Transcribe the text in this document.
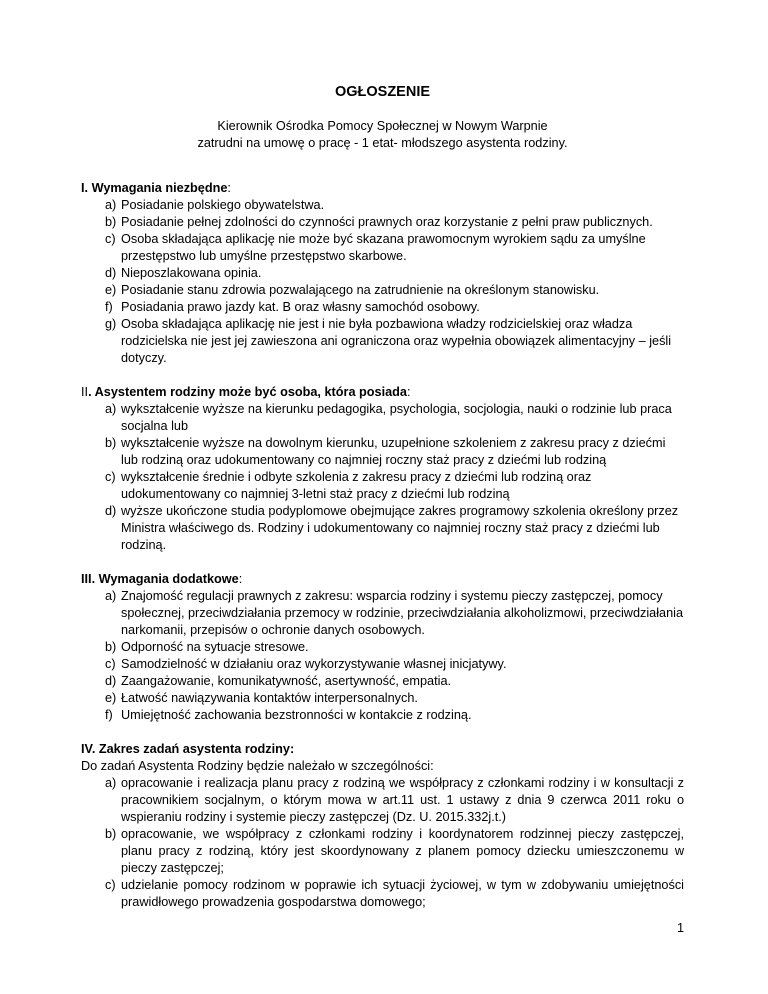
OGŁOSZENIE
Kierownik Ośrodka Pomocy Społecznej w Nowym Warpnie
zatrudni na umowę o pracę - 1 etat- młodszego asystenta rodziny.
I. Wymagania niezbędne:
a) Posiadanie polskiego obywatelstwa.
b) Posiadanie pełnej zdolności do czynności prawnych oraz korzystanie z pełni praw publicznych.
c) Osoba składająca aplikację nie może być skazana prawomocnym wyrokiem sądu za umyślne przestępstwo lub umyślne przestępstwo skarbowe.
d) Nieposzlakowana opinia.
e) Posiadanie stanu zdrowia pozwalającego na zatrudnienie na określonym stanowisku.
f) Posiadania prawo jazdy kat. B oraz własny samochód osobowy.
g) Osoba składająca aplikację nie jest i nie była pozbawiona władzy rodzicielskiej oraz władza rodzicielska nie jest jej zawieszona ani ograniczona oraz wypełnia obowiązek alimentacyjny – jeśli dotyczy.
II. Asystentem rodziny może być osoba, która posiada:
a) wykształcenie wyższe na kierunku pedagogika, psychologia, socjologia, nauki o rodzinie lub praca socjalna lub
b) wykształcenie wyższe na dowolnym kierunku, uzupełnione szkoleniem z zakresu pracy z dziećmi lub rodziną oraz udokumentowany co najmniej roczny staż pracy z dziećmi lub rodziną
c) wykształcenie średnie i odbyte szkolenia z zakresu pracy z dziećmi lub rodziną oraz udokumentowany co najmniej 3-letni staż pracy z dziećmi lub rodziną
d) wyższe ukończone studia podyplomowe obejmujące zakres programowy szkolenia określony przez Ministra właściwego ds. Rodziny i udokumentowany co najmniej roczny staż pracy z dziećmi lub rodziną.
III. Wymagania dodatkowe:
a) Znajomość regulacji prawnych z zakresu: wsparcia rodziny i systemu pieczy zastępczej, pomocy społecznej, przeciwdziałania przemocy w rodzinie, przeciwdziałania alkoholizmowi, przeciwdziałania narkomanii, przepisów o ochronie danych osobowych.
b) Odporność na sytuacje stresowe.
c) Samodzielność w działaniu oraz wykorzystywanie własnej inicjatywy.
d) Zaangażowanie, komunikatywność, asertywność, empatia.
e) Łatwość nawiązywania kontaktów interpersonalnych.
f) Umiejętność zachowania bezstronności w kontakcie z rodziną.
IV. Zakres zadań asystenta rodziny:
Do zadań Asystenta Rodziny będzie należało w szczególności:
a) opracowanie i realizacja planu pracy z rodziną we współpracy z członkami rodziny i w konsultacji z pracownikiem socjalnym, o którym mowa w art.11 ust. 1 ustawy z dnia 9 czerwca 2011 roku o wspieraniu rodziny i systemie pieczy zastępczej (Dz. U. 2015.332j.t.)
b) opracowanie, we współpracy z członkami rodziny i koordynatorem rodzinnej pieczy zastępczej, planu pracy z rodziną, który jest skoordynowany z planem pomocy dziecku umieszczonemu w pieczy zastępczej;
c) udzielanie pomocy rodzinom w poprawie ich sytuacji życiowej, w tym w zdobywaniu umiejętności prawidłowego prowadzenia gospodarstwa domowego;
1
